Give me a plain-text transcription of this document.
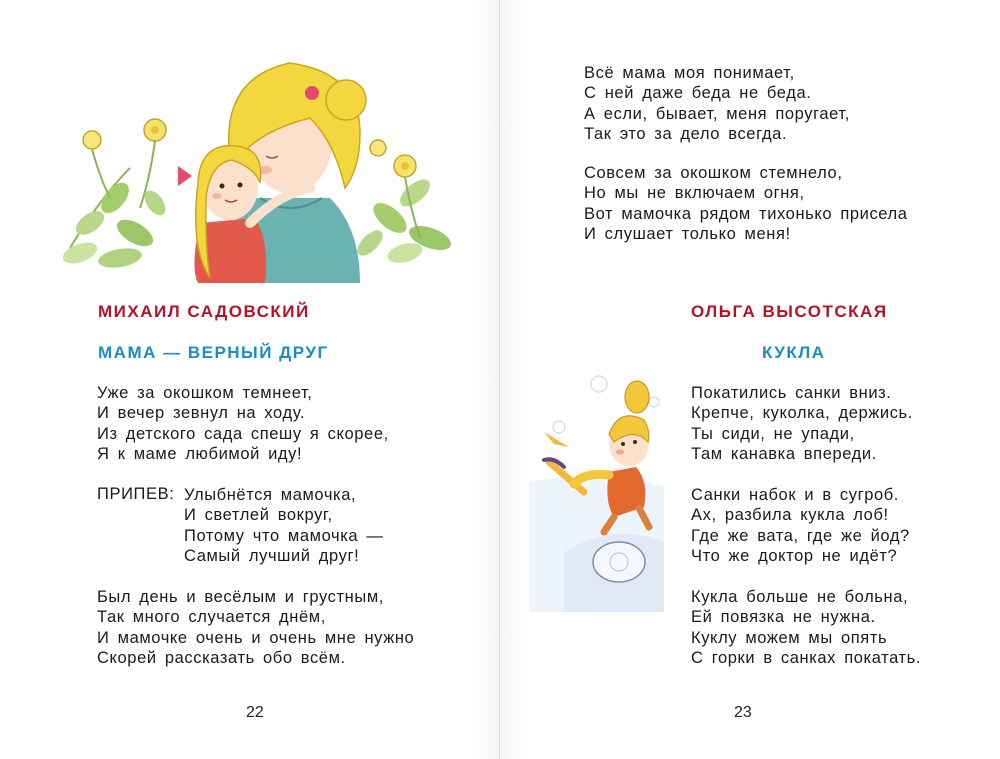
МИХАИЛ САДОВСКИЙ

МАМА — ВЕРНЫЙ ДРУГ

Уже за окошком темнеет,
И вечер зевнул на ходу.
Из детского сада спешу я скорее,
Я к маме любимой иду!
ПРИПЕВ: Улыбнётся мамочка,
И светлей вокруг,
Потому что мамочка —
Самый лучший друг!
Был день и весёлым и грустным,
Так много случается днём,
И мамочке очень и очень мне нужно
Скорей рассказать обо всём.
22
Всё мама моя понимает,
С ней даже беда не беда.
А если, бывает, меня поругает,
Так это за дело всегда.
Совсем за окошком стемнело,
Но мы не включаем огня,
Вот мамочка рядом тихонько присела
И слушает только меня!

ОЛЬГА ВЫСОТСКАЯ

КУКЛА

Покатились санки вниз.
Крепче, куколка, держись.
Ты сиди, не упади,
Там канавка впереди.
Санки набок и в сугроб.
Ах, разбила кукла лоб!
Где же вата, где же йод?
Что же доктор не идёт?
Кукла больше не больна,
Ей повязка не нужна.
Куклу можем мы опять
С горки в санках покатать.
23
